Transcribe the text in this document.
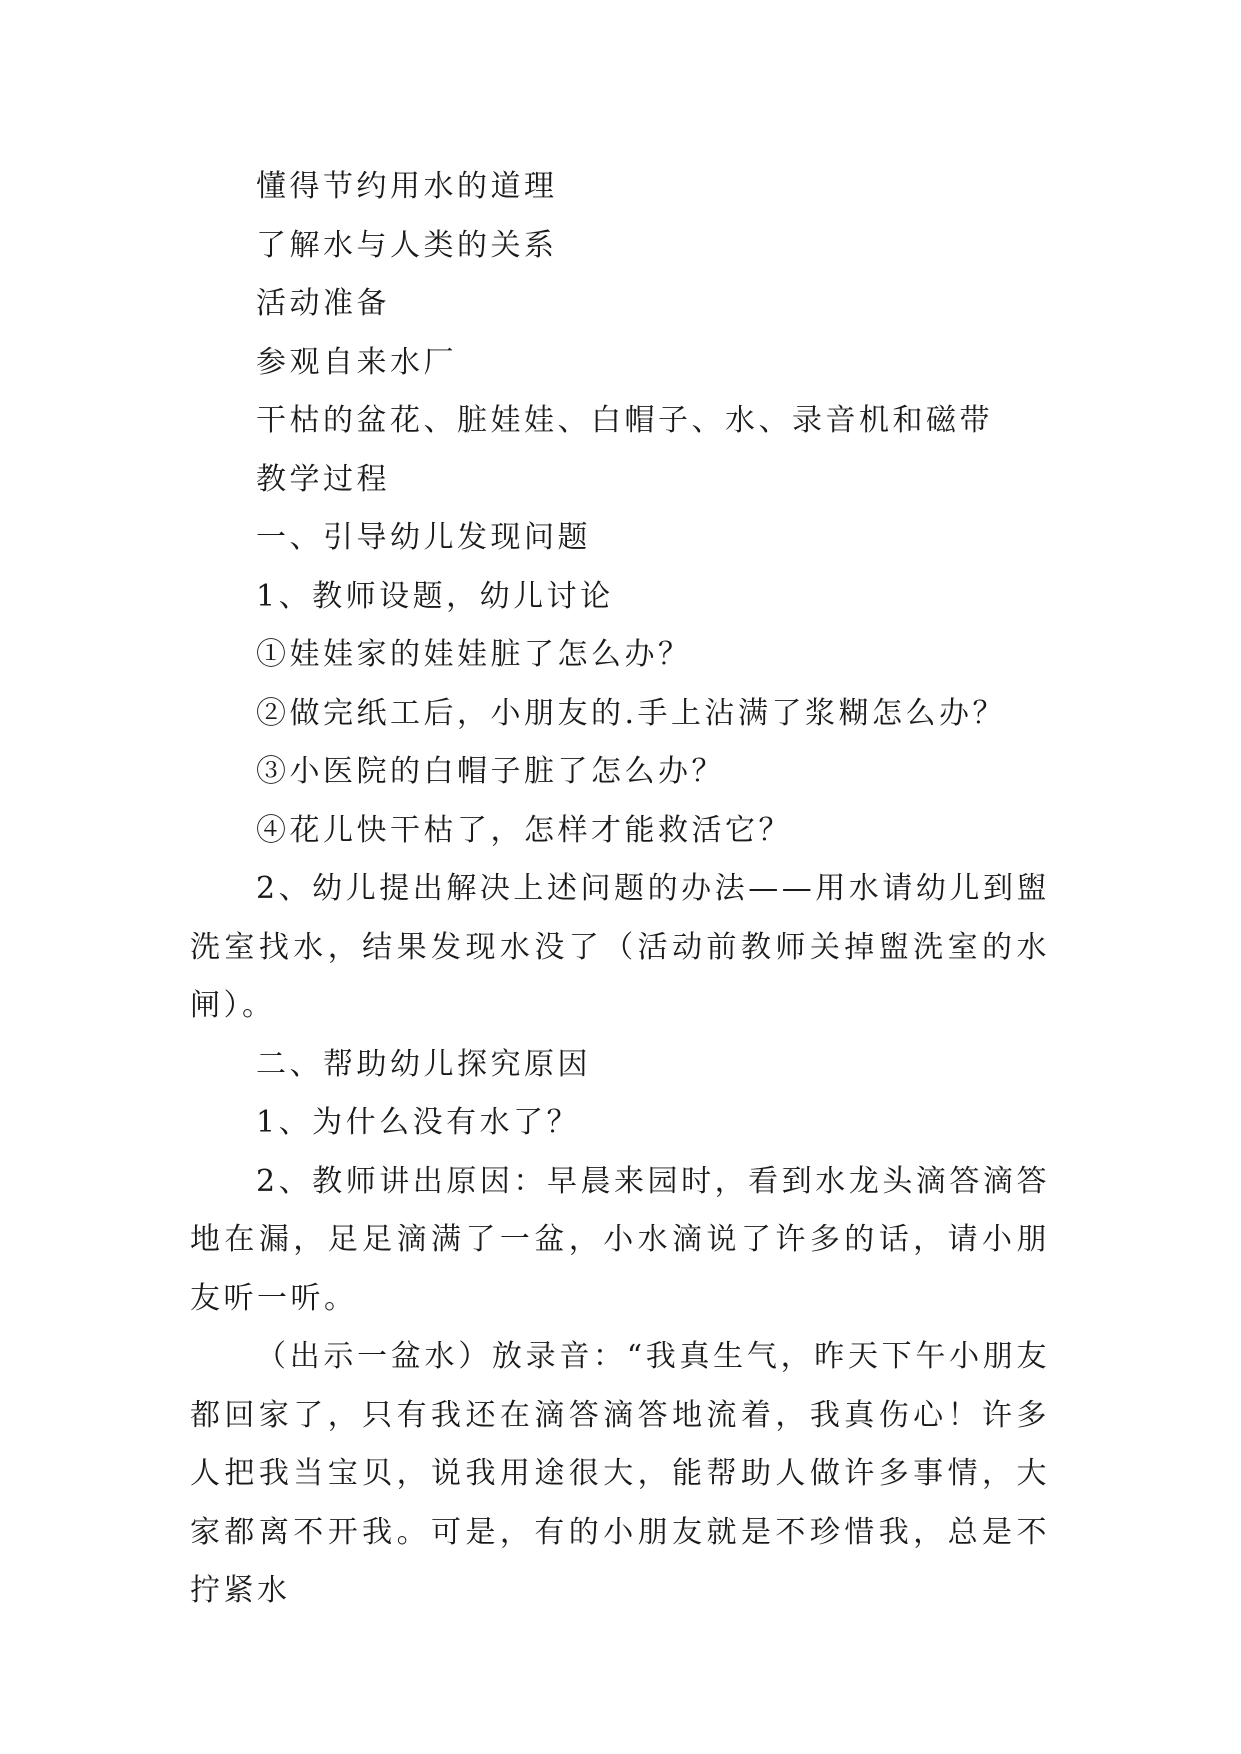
懂得节约用水的道理

了解水与人类的关系

活动准备

参观自来水厂

干枯的盆花、脏娃娃、白帽子、水、录音机和磁带

教学过程

一、引导幼儿发现问题

1、教师设题，幼儿讨论

①娃娃家的娃娃脏了怎么办？

②做完纸工后，小朋友的.手上沾满了浆糊怎么办？

③小医院的白帽子脏了怎么办？

④花儿快干枯了，怎样才能救活它？

2、幼儿提出解决上述问题的办法——用水请幼儿到盥洗室找水，结果发现水没了（活动前教师关掉盥洗室的水闸）。

二、帮助幼儿探究原因

1、为什么没有水了？

2、教师讲出原因：早晨来园时，看到水龙头滴答滴答地在漏，足足滴满了一盆，小水滴说了许多的话，请小朋友听一听。

（出示一盆水）放录音：“我真生气，昨天下午小朋友都回家了，只有我还在滴答滴答地流着，我真伤心！许多人把我当宝贝，说我用途很大，能帮助人做许多事情，大家都离不开我。可是，有的小朋友就是不珍惜我，总是不拧紧水
